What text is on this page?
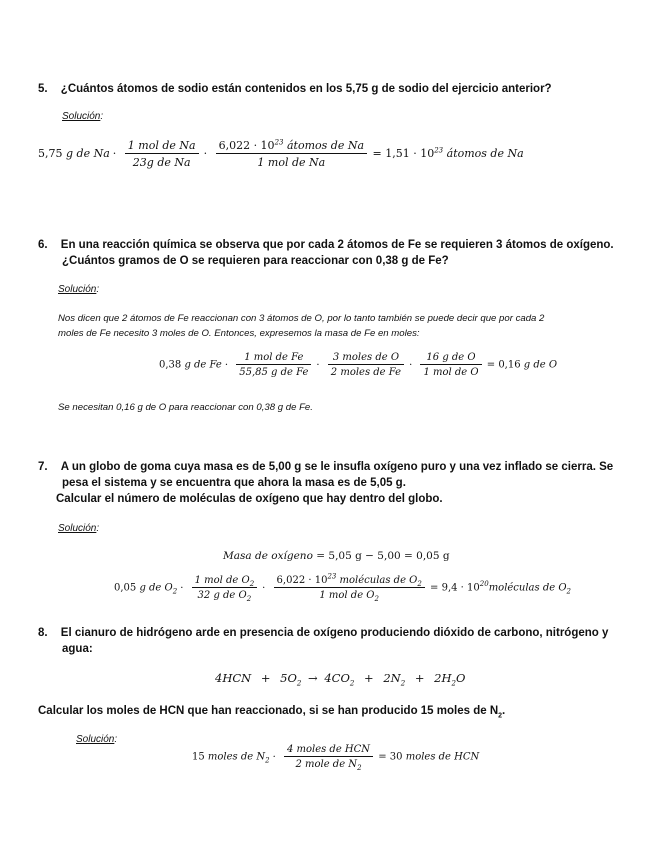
5. ¿Cuántos átomos de sodio están contenidos en los 5,75 g de sodio del ejercicio anterior?
Solución:
5,75 g de $Na \cdot \frac{\text{1 mol de Na}}{\text{23g de Na}} \cdot \frac{6,022 \cdot 10^{23} átomos de Na}{\text{1 mol de Na}} = 1,51 \cdot 10^{23}$ átomos de Na
6. En una reacción química se observa que por cada 2 átomos de Fe se requieren 3 átomos de oxígeno.
¿Cuántos gramos de O se requieren para reaccionar con 0,38 g de Fe?
Solución:
Nos dicen que 2 átomos de Fe reaccionan con 3 átomos de O, por lo tanto también se puede decir que por cada 2
moles de Fe necesito 3 moles de O. Entonces, expresemos la masa de Fe en moles:
0,38 g de $Fe \cdot \frac{\text{1 mol de Fe}}{\text{55,85 g de Fe}} \cdot \frac{\text{3 moles de O}}{\text{2 moles de Fe}} \cdot \frac{\text{16 g de O}}{\text{1 mol de O}} = 0,16$ g de O
Se necesitan 0,16 g de O para reaccionar con 0,38 g de Fe.
7. A un globo de goma cuya masa es de 5,00 g se le insufla oxígeno puro y una vez inflado se cierra. Se
pesa el sistema y se encuentra que ahora la masa es de 5,05 g.
Calcular el número de moléculas de oxígeno que hay dentro del globo.
Solución:
Masa de oxígeno = 5,05 g − 5,00 = 0,05 g
0,05 g de $O_2 \cdot \frac{1 mol de O_2}{32 g de O_2} \cdot \frac{6,022 \cdot 10^{23} moléculas de O_2}{1 mol de O_2} = 9,4$ · $10^{20}moléculas$ de $O_2$
8. El cianuro de hidrógeno arde en presencia de oxígeno produciendo dióxido de carbono, nitrógeno y
agua:
$4HCN + 5O_2 \to 4CO_2 + 2N_2 + 2H_2O$
Calcular los moles de HCN que han reaccionado, si se han producido 15 moles de $N_2$.
Solución:
15 moles de $N_2 \cdot \frac{\text{4 moles de HCN}}{2 mole de N_2} = 30$ moles de HCN
